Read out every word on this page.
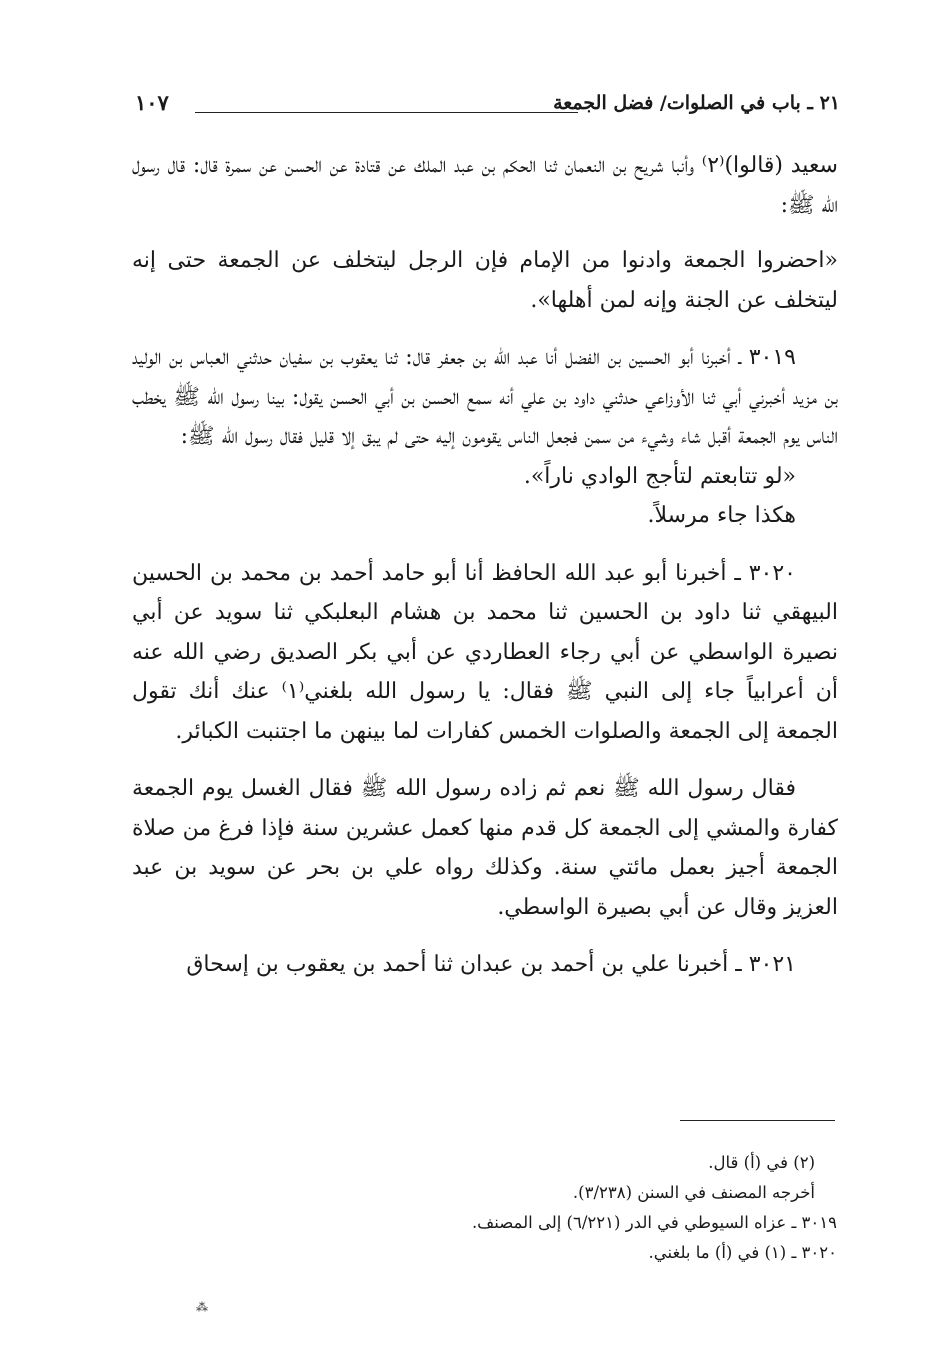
٢١ ـ باب في الصلوات/ فضل الجمعة
١٠٧

سعيد (قالوا)⁽٢⁾ وأنبا شريح بن النعمان ثنا الحكم بن عبد الملك عن قتادة عن الحسن عن سمرة قال: قال رسول الله ﷺ:

«احضروا الجمعة وادنوا من الإمام فإن الرجل ليتخلف عن الجمعة حتى إنه ليتخلف عن الجنة وإنه لمن أهلها».

٣٠١٩ ـ أخبرنا أبو الحسين بن الفضل أنا عبد الله بن جعفر قال: ثنا يعقوب بن سفيان حدثني العباس بن الوليد بن مزيد أخبرني أبي ثنا الأوزاعي حدثني داود بن علي أنه سمع الحسن بن أبي الحسن يقول: بينا رسول الله ﷺ يخطب الناس يوم الجمعة أقبل شاء وشيء من سمن فجعل الناس يقومون إليه حتى لم يبق إلا قليل فقال رسول الله ﷺ:

«لو تتابعتم لتأجج الوادي ناراً».

هكذا جاء مرسلاً.

٣٠٢٠ ـ أخبرنا أبو عبد الله الحافظ أنا أبو حامد أحمد بن محمد بن الحسين البيهقي ثنا داود بن الحسين ثنا محمد بن هشام البعلبكي ثنا سويد عن أبي نصيرة الواسطي عن أبي رجاء العطاردي عن أبي بكر الصديق رضي الله عنه أن أعرابياً جاء إلى النبي ﷺ فقال: يا رسول الله بلغني⁽١⁾ عنك أنك تقول الجمعة إلى الجمعة والصلوات الخمس كفارات لما بينهن ما اجتنبت الكبائر.

فقال رسول الله ﷺ نعم ثم زاده رسول الله ﷺ فقال الغسل يوم الجمعة كفارة والمشي إلى الجمعة كل قدم منها كعمل عشرين سنة فإذا فرغ من صلاة الجمعة أجيز بعمل مائتي سنة. وكذلك رواه علي بن بحر عن سويد بن عبد العزيز وقال عن أبي بصيرة الواسطي.

٣٠٢١ ـ أخبرنا علي بن أحمد بن عبدان ثنا أحمد بن يعقوب بن إسحاق

(٢) في (أ) قال.

أخرجه المصنف في السنن (٣/٢٣٨).

٣٠١٩ ـ عزاه السيوطي في الدر (٦/٢٢١) إلى المصنف.

٣٠٢٠ ـ (١) في (أ) ما بلغني.

⁂
